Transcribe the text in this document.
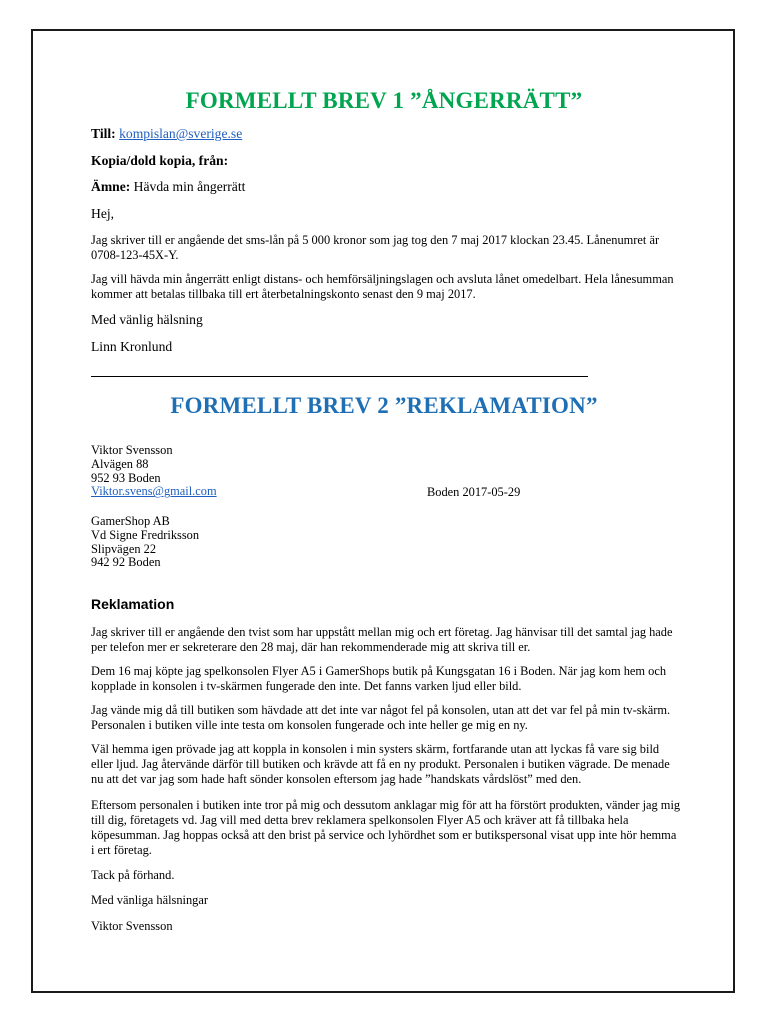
FORMELLT BREV 1 ”ÅNGERRÄTT”
Till: kompislan@sverige.se
Kopia/dold kopia, från:
Ämne: Hävda min ångerrätt
Hej,
Jag skriver till er angående det sms-lån på 5 000 kronor som jag tog den 7 maj 2017 klockan 23.45. Lånenumret är 0708-123-45X-Y.
Jag vill hävda min ångerrätt enligt distans- och hemförsäljningslagen och avsluta lånet omedelbart. Hela lånesumman kommer att betalas tillbaka till ert återbetalningskonto senast den 9 maj 2017.
Med vänlig hälsning
Linn Kronlund
FORMELLT BREV 2 ”REKLAMATION”
Viktor Svensson
Alvägen 88
952 93 Boden
Viktor.svens@gmail.com	Boden 2017-05-29
GamerShop AB
Vd Signe Fredriksson
Slipvägen 22
942 92 Boden
Reklamation
Jag skriver till er angående den tvist som har uppstått mellan mig och ert företag. Jag hänvisar till det samtal jag hade per telefon mer er sekreterare den 28 maj, där han rekommenderade mig att skriva till er.
Dem 16 maj köpte jag spelkonsolen Flyer A5 i GamerShops butik på Kungsgatan 16 i Boden. När jag kom hem och kopplade in konsolen i tv-skärmen fungerade den inte. Det fanns varken ljud eller bild.
Jag vände mig då till butiken som hävdade att det inte var något fel på konsolen, utan att det var fel på min tv-skärm. Personalen i butiken ville inte testa om konsolen fungerade och inte heller ge mig en ny.
Väl hemma igen prövade jag att koppla in konsolen i min systers skärm, fortfarande utan att lyckas få vare sig bild eller ljud. Jag återvände därför till butiken och krävde att få en ny produkt. Personalen i butiken vägrade. De menade nu att det var jag som hade haft sönder konsolen eftersom jag hade ”handskats vårdslöst” med den.
Eftersom personalen i butiken inte tror på mig och dessutom anklagar mig för att ha förstört produkten, vänder jag mig till dig, företagets vd. Jag vill med detta brev reklamera spelkonsolen Flyer A5 och kräver att få tillbaka hela köpesumman. Jag hoppas också att den brist på service och lyhördhet som er butikspersonal visat upp inte hör hemma i ert företag.
Tack på förhand.
Med vänliga hälsningar
Viktor Svensson
